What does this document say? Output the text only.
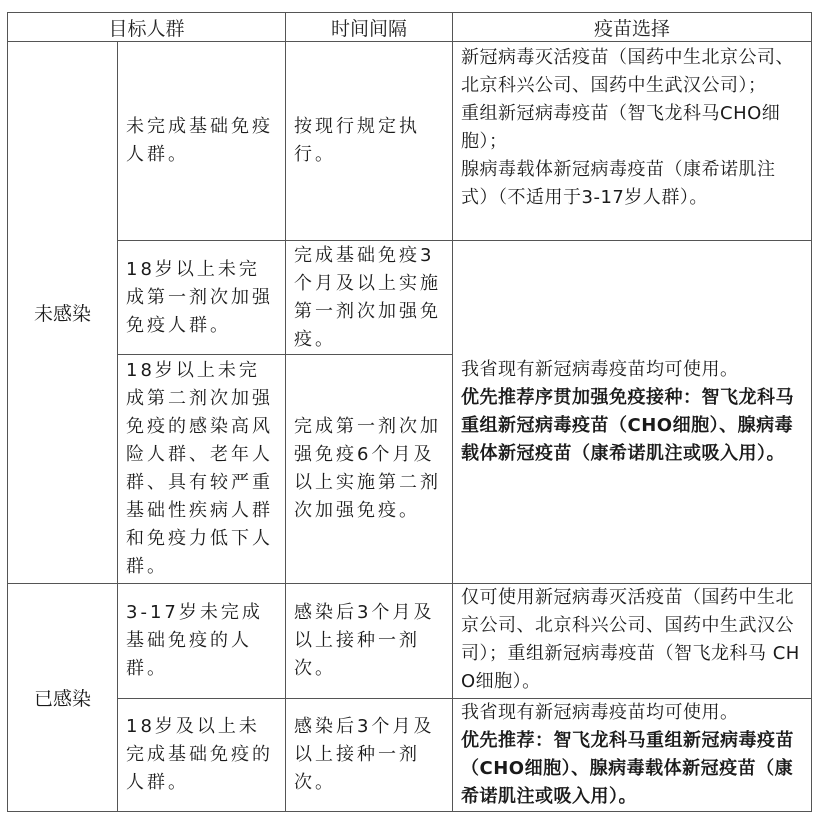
目标人群		时间间隔	疫苗选择
未感染	未完成基础免疫人群。	按现行规定执行。	新冠病毒灭活疫苗（国药中生北京公司、北京科兴公司、国药中生武汉公司）；

重组新冠病毒疫苗（智飞龙科马CHO细胞）；

腺病毒载体新冠病毒疫苗（康希诺肌注式）（不适用于3-17岁人群）。

	18岁以上未完成第一剂次加强免疫人群。	完成基础免疫3个月及以上实施第一剂次加强免疫。	我省现有新冠病毒疫苗均可使用。

优先推荐序贯加强免疫接种：智飞龙科马重组新冠病毒疫苗（CHO细胞）、腺病毒载体新冠疫苗（康希诺肌注或吸入用）。

	18岁以上未完成第二剂次加强免疫的感染高风险人群、老年人群、具有较严重基础性疾病人群和免疫力低下人群。	完成第一剂次加强免疫6个月及以上实施第二剂次加强免疫。	
已感染	3-17岁未完成基础免疫的人群。	感染后3个月及以上接种一剂次。	仅可使用新冠病毒灭活疫苗（国药中生北京公司、北京科兴公司、国药中生武汉公司）；重组新冠病毒疫苗（智飞龙科马 CHO细胞）。

	18岁及以上未完成基础免疫的人群。	感染后3个月及以上接种一剂次。	我省现有新冠病毒疫苗均可使用。

优先推荐：智飞龙科马重组新冠病毒疫苗（CHO细胞）、腺病毒载体新冠疫苗（康希诺肌注或吸入用）。
